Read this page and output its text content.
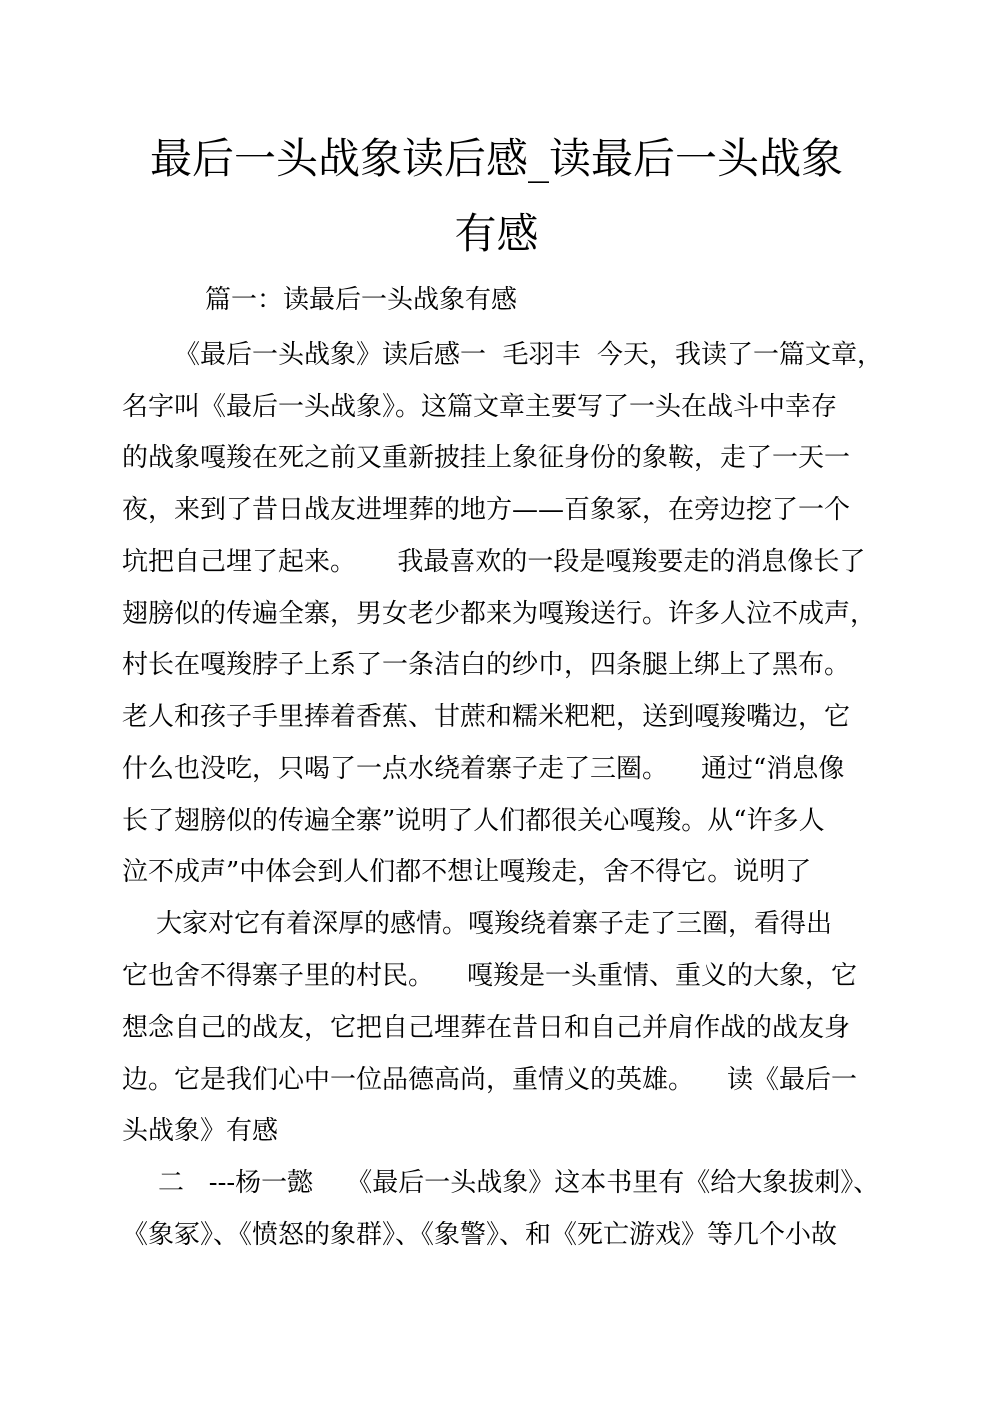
最后一头战象读后感_读最后一头战象
有感
篇一：读最后一头战象有感
《最后一头战象》读后感一  毛羽丰  今天，我读了一篇文章，
名字叫《最后一头战象》。这篇文章主要写了一头在战斗中幸存
的战象嘎羧在死之前又重新披挂上象征身份的象鞍，走了一天一
夜，来到了昔日战友进埋葬的地方——百象冢，在旁边挖了一个
坑把自己埋了起来。     我最喜欢的一段是嘎羧要走的消息像长了
翅膀似的传遍全寨，男女老少都来为嘎羧送行。许多人泣不成声，
村长在嘎羧脖子上系了一条洁白的纱巾，四条腿上绑上了黑布。
老人和孩子手里捧着香蕉、甘蔗和糯米粑粑，送到嘎羧嘴边，它
什么也没吃，只喝了一点水绕着寨子走了三圈。    通过“消息像
长了翅膀似的传遍全寨”说明了人们都很关心嘎羧。从“许多人
泣不成声”中体会到人们都不想让嘎羧走，舍不得它。说明了
大家对它有着深厚的感情。嘎羧绕着寨子走了三圈，看得出
它也舍不得寨子里的村民。    嘎羧是一头重情、重义的大象，它
想念自己的战友，它把自己埋葬在昔日和自己并肩作战的战友身
边。它是我们心中一位品德高尚，重情义的英雄。    读《最后一
头战象》有感
二   ---杨一懿    《最后一头战象》这本书里有《给大象拔刺》、
《象冢》、《愤怒的象群》、《象警》、和《死亡游戏》等几个小故
